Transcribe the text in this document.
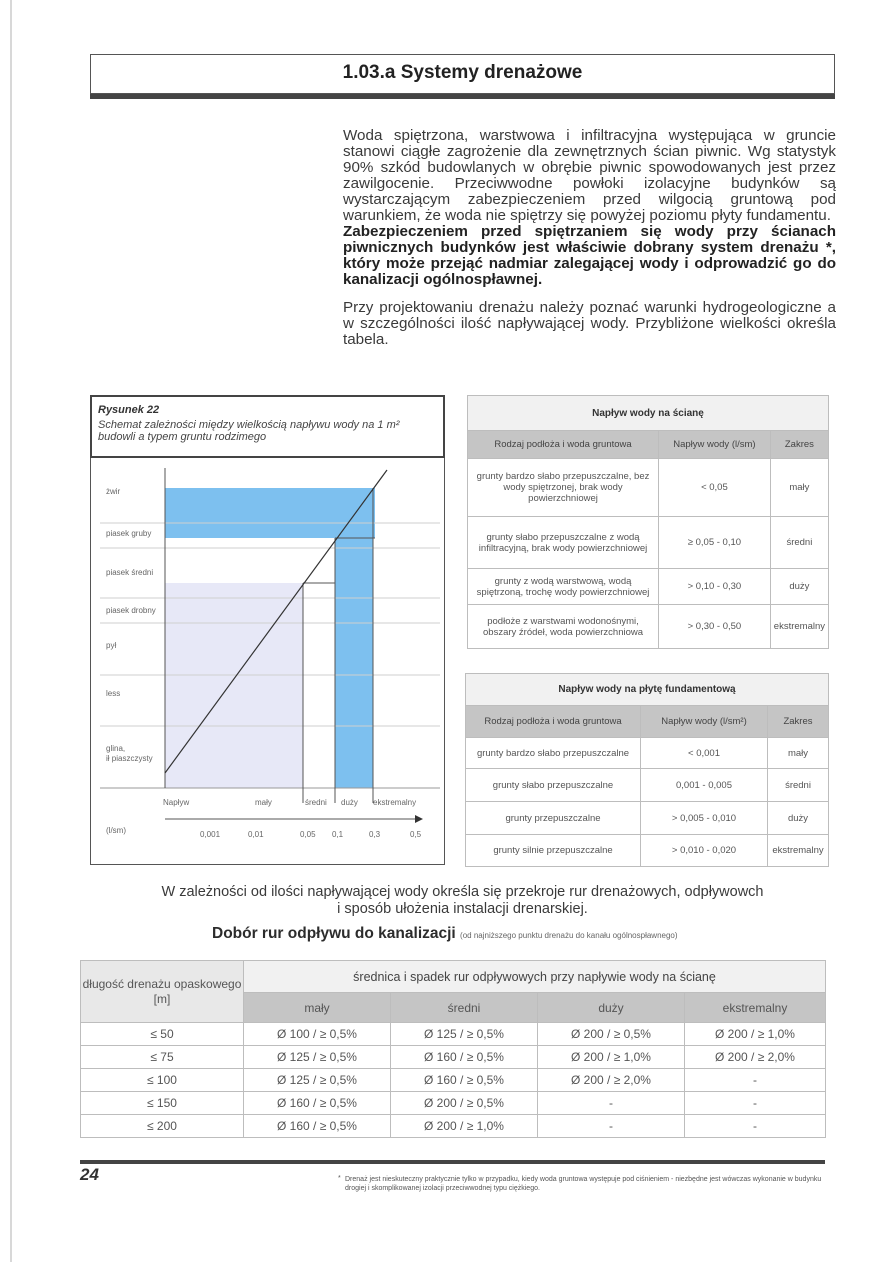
1.03.a Systemy drenażowe

Woda spiętrzona, warstwowa i infiltracyjna występująca w gruncie stanowi ciągłe zagrożenie dla zewnętrznych ścian piwnic. Wg statystyk 90% szkód budowlanych w obrębie piwnic spowodowanych jest przez zawilgocenie. Przeciwwodne powłoki izolacyjne budynków są wystarczającym zabezpieczeniem przed wilgocią gruntową pod warunkiem, że woda nie spiętrzy się powyżej poziomu płyty fundamentu.

Zabezpieczeniem przed spiętrzaniem się wody przy ścianach piwnicznych budynków jest właściwie dobrany system drenażu *, który może przejąć nadmiar zalegającej wody i odprowadzić go do kanalizacji ogólnospławnej.

Przy projektowaniu drenażu należy poznać warunki hydrogeologiczne a w szczególności ilość napływającej wody. Przybliżone wielkości określa tabela.

Rysunek 22
Schemat zależności między wielkością napływu wody na 1 m² budowli a typem gruntu rodzimego
żwir
piasek gruby
piasek średni
piasek drobny
pył
less
glina,
ił piaszczysty
Napływ	mały	średni duży ekstremalny
(l/sm)	0,001	0,01	0,05 0,1	0,3	0,5
Napływ wody na ścianę		
Rodzaj podłoża i woda gruntowa	Napływ wody (l/sm)	Zakres
grunty bardzo słabo przepuszczalne, bez wody spiętrzonej, brak wody powierzchniowej	< 0,05	mały
grunty słabo przepuszczalne z wodą infiltracyjną, brak wody powierzchniowej	≥ 0,05 - 0,10	średni
grunty z wodą warstwową, wodą spiętrzoną, trochę wody powierzchniowej	> 0,10 - 0,30	duży
podłoże z warstwami wodonośnymi, obszary źródeł, woda powierzchniowa	> 0,30 - 0,50	ekstremalny
Napływ wody na płytę fundamentową		
Rodzaj podłoża i woda gruntowa	Napływ wody (l/sm²)	Zakres
grunty bardzo słabo przepuszczalne	< 0,001	mały
grunty słabo przepuszczalne	0,001 - 0,005	średni
grunty przepuszczalne	> 0,005 - 0,010	duży
grunty silnie przepuszczalne	> 0,010 - 0,020	ekstremalny
W zależności od ilości napływającej wody określa się przekroje rur drenażowych, odpływowch
i sposób ułożenia instalacji drenarskiej.
Dobór rur odpływu do kanalizacji (od najniższego punktu drenażu do kanału ogólnospławnego)
długość drenażu opaskowego [m]	średnica i spadek rur odpływowych przy napływie wody na ścianę			
	mały	średni	duży	ekstremalny
≤ 50	Ø 100 / ≥ 0,5%	Ø 125 / ≥ 0,5%	Ø 200 / ≥ 0,5%	Ø 200 / ≥ 1,0%
≤ 75	Ø 125 / ≥ 0,5%	Ø 160 / ≥ 0,5%	Ø 200 / ≥ 1,0%	Ø 200 / ≥ 2,0%
≤ 100	Ø 125 / ≥ 0,5%	Ø 160 / ≥ 0,5%	Ø 200 / ≥ 2,0%	-
≤ 150	Ø 160 / ≥ 0,5%	Ø 200 / ≥ 0,5%	-	-
≤ 200	Ø 160 / ≥ 0,5%	Ø 200 / ≥ 1,0%	-	-
24	* Drenaż jest nieskuteczny praktycznie tylko w przypadku, kiedy woda gruntowa występuje pod ciśnieniem - niezbędne jest wówczas wykonanie w budynku drogiej i skomplikowanej izolacji przeciwwodnej typu ciężkiego.
